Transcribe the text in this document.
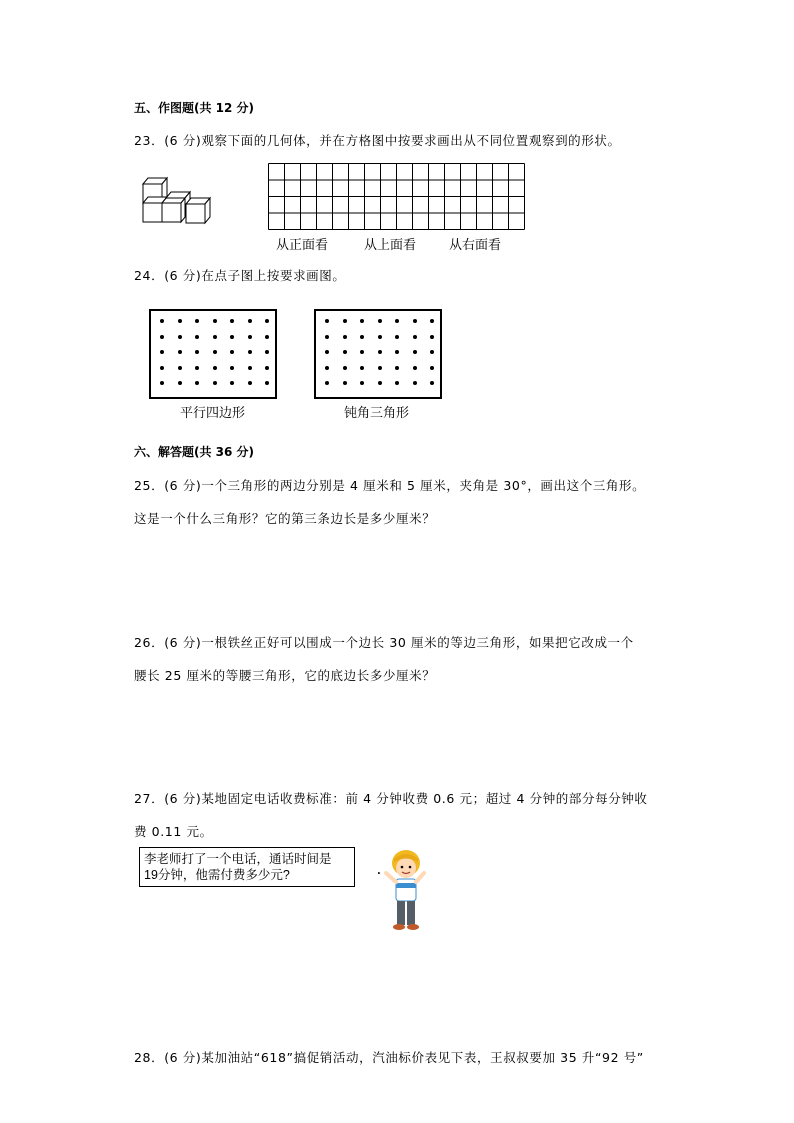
五、作图题(共 12 分)
23．(6 分)观察下面的几何体，并在方格图中按要求画出从不同位置观察到的形状。
从正面看	从上面看	从右面看
24．(6 分)在点子图上按要求画图。
平行四边形	钝角三角形
六、解答题(共 36 分)
25．(6 分)一个三角形的两边分别是 4 厘米和 5 厘米，夹角是 30°，画出这个三角形。
这是一个什么三角形？它的第三条边长是多少厘米？
26．(6 分)一根铁丝正好可以围成一个边长 30 厘米的等边三角形，如果把它改成一个
腰长 25 厘米的等腰三角形，它的底边长多少厘米？
27．(6 分)某地固定电话收费标准：前 4 分钟收费 0.6 元；超过 4 分钟的部分每分钟收
费 0.11 元。
李老师打了一个电话，通话时间是
19分钟，他需付费多少元?
28．(6 分)某加油站“618”搞促销活动，汽油标价表见下表，王叔叔要加 35 升“92 号”
